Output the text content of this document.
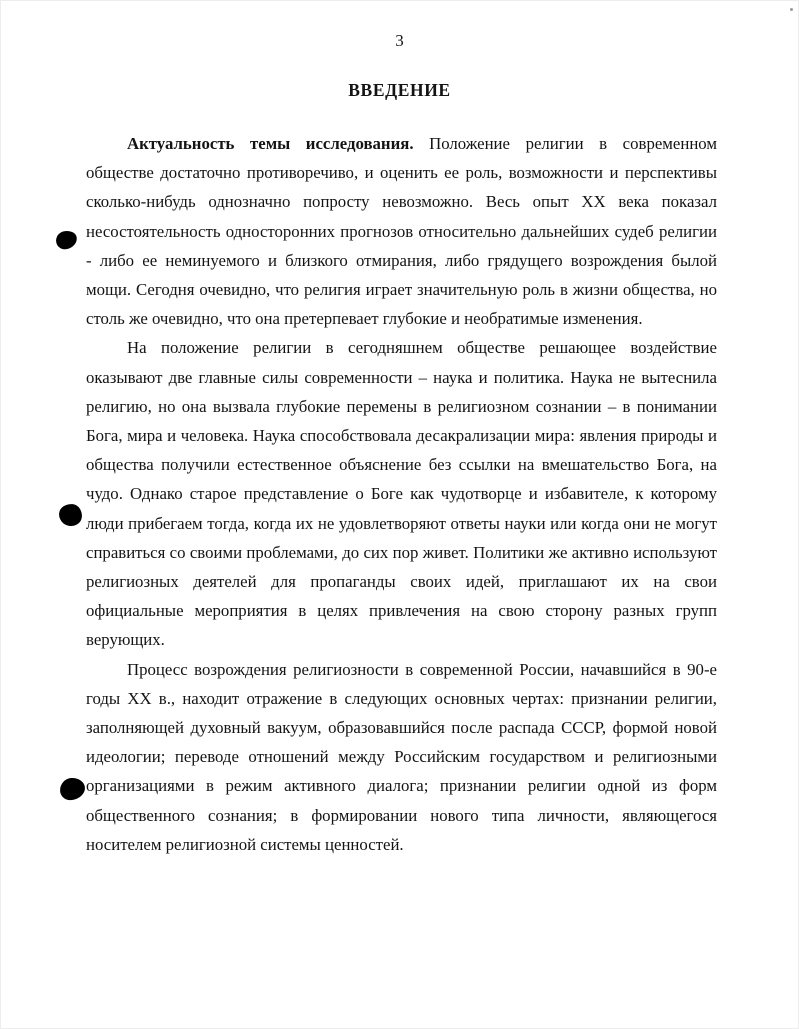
3
ВВЕДЕНИЕ

Актуальность темы исследования. Положение религии в современном обществе достаточно противоречиво, и оценить ее роль, возможности и перспективы сколько-нибудь однозначно попросту невозможно. Весь опыт XX века показал несостоятельность односторонних прогнозов относительно дальнейших судеб религии - либо ее неминуемого и близкого отмирания, либо грядущего возрождения былой мощи. Сегодня очевидно, что религия играет значительную роль в жизни общества, но столь же очевидно, что она претерпевает глубокие и необратимые изменения.

На положение религии в сегодняшнем обществе решающее воздействие оказывают две главные силы современности – наука и политика. Наука не вытеснила религию, но она вызвала глубокие перемены в религиозном сознании – в понимании Бога, мира и человека. Наука способствовала десакрализации мира: явления природы и общества получили естественное объяснение без ссылки на вмешательство Бога, на чудо. Однако старое представление о Боге как чудотворце и избавителе, к которому люди прибегаем тогда, когда их не удовлетворяют ответы науки или когда они не могут справиться со своими проблемами, до сих пор живет. Политики же активно используют религиозных деятелей для пропаганды своих идей, приглашают их на свои официальные мероприятия в целях привлечения на свою сторону разных групп верующих.

Процесс возрождения религиозности в современной России, начавшийся в 90-е годы XX в., находит отражение в следующих основных чертах: признании религии, заполняющей духовный вакуум, образовавшийся после распада СССР, формой новой идеологии; переводе отношений между Российским государством и религиозными организациями в режим активного диалога; признании религии одной из форм общественного сознания; в формировании нового типа личности, являющегося носителем религиозной системы ценностей.
